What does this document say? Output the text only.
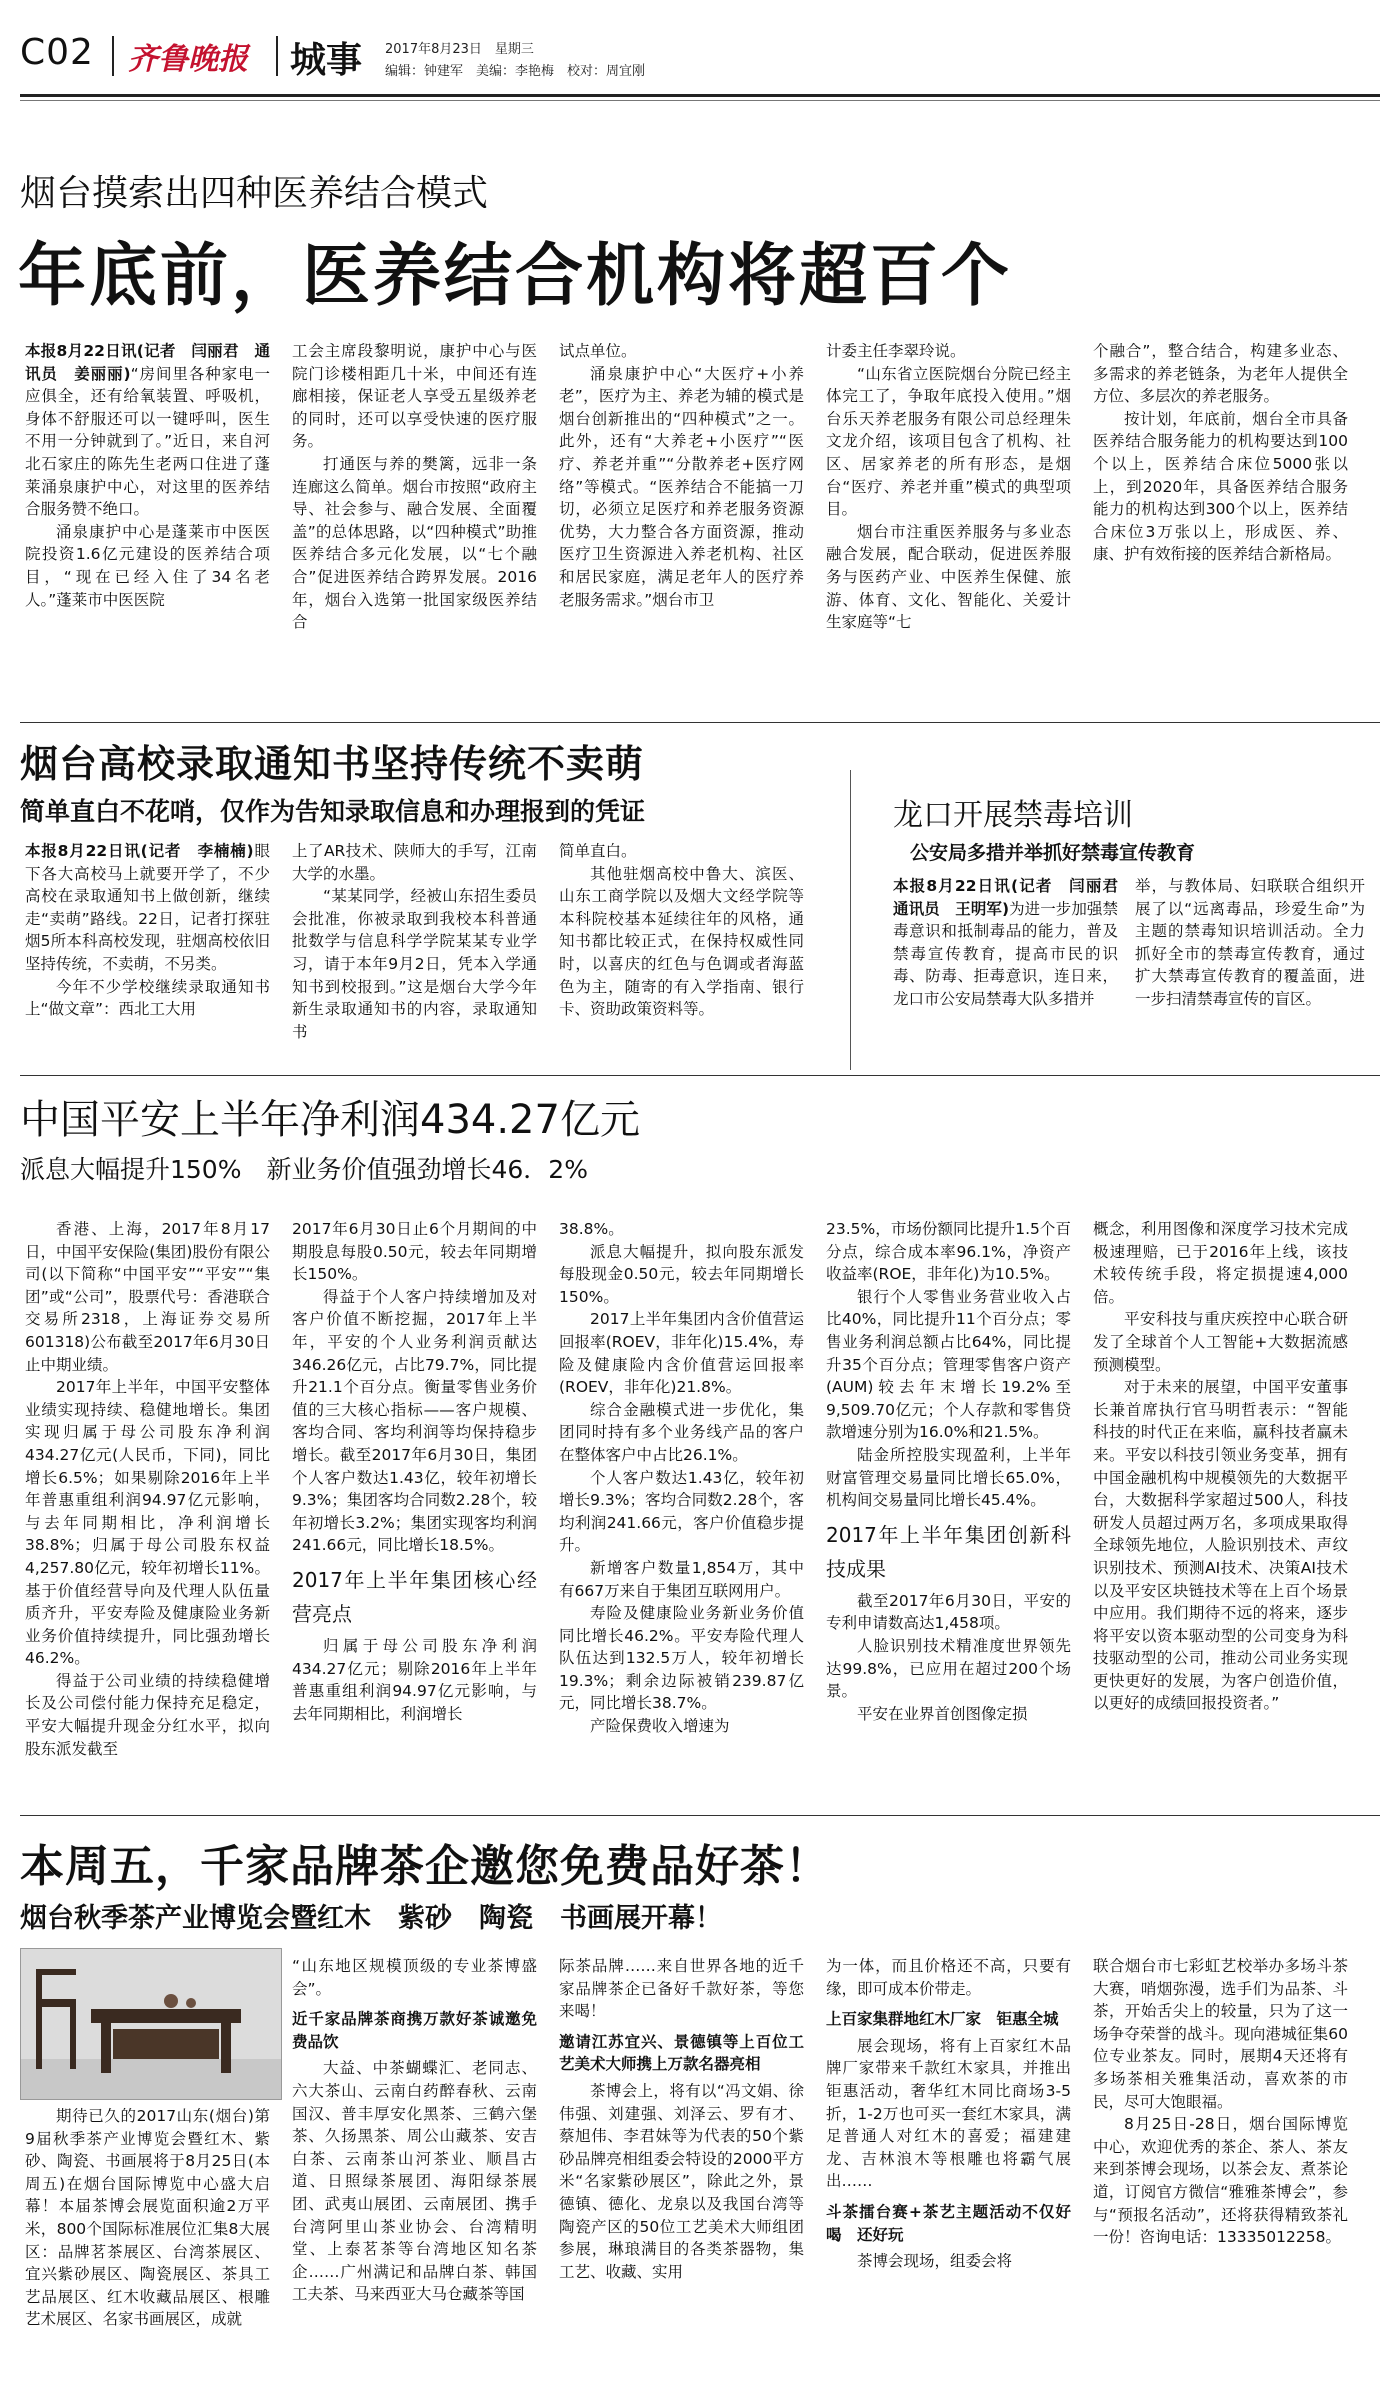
C02 齐鲁晚报 城事 2017年8月23日　星期三
编辑：钟建军　美编：李艳梅　校对：周宜刚
烟台摸索出四种医养结合模式
年底前，医养结合机构将超百个

本报8月22日讯(记者　闫丽君　通讯员　姜丽丽)“房间里各种家电一应俱全，还有给氧装置、呼吸机，身体不舒服还可以一键呼叫，医生不用一分钟就到了。”近日，来自河北石家庄的陈先生老两口住进了蓬莱涌泉康护中心，对这里的医养结合服务赞不绝口。

涌泉康护中心是蓬莱市中医医院投资1.6亿元建设的医养结合项目，“现在已经入住了34名老人。”蓬莱市中医医院

工会主席段黎明说，康护中心与医院门诊楼相距几十米，中间还有连廊相接，保证老人享受五星级养老的同时，还可以享受快速的医疗服务。

打通医与养的樊篱，远非一条连廊这么简单。烟台市按照“政府主导、社会参与、融合发展、全面覆盖”的总体思路，以“四种模式”助推医养结合多元化发展，以“七个融合”促进医养结合跨界发展。2016年，烟台入选第一批国家级医养结合

试点单位。

涌泉康护中心“大医疗+小养老”，医疗为主、养老为辅的模式是烟台创新推出的“四种模式”之一。此外，还有“大养老+小医疗”“医疗、养老并重”“分散养老+医疗网络”等模式。“医养结合不能搞一刀切，必须立足医疗和养老服务资源优势，大力整合各方面资源，推动医疗卫生资源进入养老机构、社区和居民家庭，满足老年人的医疗养老服务需求。”烟台市卫

计委主任李翠玲说。

“山东省立医院烟台分院已经主体完工了，争取年底投入使用。”烟台乐天养老服务有限公司总经理朱文龙介绍，该项目包含了机构、社区、居家养老的所有形态，是烟台“医疗、养老并重”模式的典型项目。

烟台市注重医养服务与多业态融合发展，配合联动，促进医养服务与医药产业、中医养生保健、旅游、体育、文化、智能化、关爱计生家庭等“七

个融合”，整合结合，构建多业态、多需求的养老链条，为老年人提供全方位、多层次的养老服务。

按计划，年底前，烟台全市具备医养结合服务能力的机构要达到100个以上，医养结合床位5000张以上，到2020年，具备医养结合服务能力的机构达到300个以上，医养结合床位3万张以上，形成医、养、康、护有效衔接的医养结合新格局。

烟台高校录取通知书坚持传统不卖萌
简单直白不花哨，仅作为告知录取信息和办理报到的凭证

本报8月22日讯(记者　李楠楠)眼下各大高校马上就要开学了，不少高校在录取通知书上做创新，继续走“卖萌”路线。22日，记者打探驻烟5所本科高校发现，驻烟高校依旧坚持传统，不卖萌，不另类。

今年不少学校继续录取通知书上“做文章”：西北工大用

上了AR技术、陕师大的手写，江南大学的水墨。

“某某同学，经被山东招生委员会批准，你被录取到我校本科普通批数学与信息科学学院某某专业学习，请于本年9月2日，凭本入学通知书到校报到。”这是烟台大学今年新生录取通知书的内容，录取通知书

简单直白。

其他驻烟高校中鲁大、滨医、山东工商学院以及烟大文经学院等本科院校基本延续往年的风格，通知书都比较正式，在保持权威性同时，以喜庆的红色与色调或者海蓝色为主，随寄的有入学指南、银行卡、资助政策资料等。

龙口开展禁毒培训
公安局多措并举抓好禁毒宣传教育

本报8月22日讯(记者　闫丽君　通讯员　王明军)为进一步加强禁毒意识和抵制毒品的能力，普及禁毒宣传教育，提高市民的识毒、防毒、拒毒意识，连日来，龙口市公安局禁毒大队多措并

举，与教体局、妇联联合组织开展了以“远离毒品，珍爱生命”为主题的禁毒知识培训活动。全力抓好全市的禁毒宣传教育，通过扩大禁毒宣传教育的覆盖面，进一步扫清禁毒宣传的盲区。

中国平安上半年净利润434.27亿元
派息大幅提升150%　新业务价值强劲增长46．2%

香港、上海，2017年8月17日，中国平安保险(集团)股份有限公司(以下简称“中国平安”“平安”“集团”或“公司”，股票代号：香港联合交易所2318，上海证券交易所601318)公布截至2017年6月30日止中期业绩。

2017年上半年，中国平安整体业绩实现持续、稳健地增长。集团实现归属于母公司股东净利润434.27亿元(人民币，下同)，同比增长6.5%；如果剔除2016年上半年普惠重组利润94.97亿元影响，与去年同期相比，净利润增长38.8%；归属于母公司股东权益4,257.80亿元，较年初增长11%。基于价值经营导向及代理人队伍量质齐升，平安寿险及健康险业务新业务价值持续提升，同比强劲增长46.2%。

得益于公司业绩的持续稳健增长及公司偿付能力保持充足稳定，平安大幅提升现金分红水平，拟向股东派发截至

2017年6月30日止6个月期间的中期股息每股0.50元，较去年同期增长150%。

得益于个人客户持续增加及对客户价值不断挖掘，2017年上半年，平安的个人业务利润贡献达346.26亿元，占比79.7%，同比提升21.1个百分点。衡量零售业务价值的三大核心指标——客户规模、客均合同、客均利润等均保持稳步增长。截至2017年6月30日，集团个人客户数达1.43亿，较年初增长9.3%；集团客均合同数2.28个，较年初增长3.2%；集团实现客均利润241.66元，同比增长18.5%。

2017年上半年集团核心经营亮点

归属于母公司股东净利润434.27亿元；剔除2016年上半年普惠重组利润94.97亿元影响，与去年同期相比，利润增长

38.8%。

派息大幅提升，拟向股东派发每股现金0.50元，较去年同期增长150%。

2017上半年集团内含价值营运回报率(ROEV，非年化)15.4%，寿险及健康险内含价值营运回报率(ROEV，非年化)21.8%。

综合金融模式进一步优化，集团同时持有多个业务线产品的客户在整体客户中占比26.1%。

个人客户数达1.43亿，较年初增长9.3%；客均合同数2.28个，客均利润241.66元，客户价值稳步提升。

新增客户数量1,854万，其中有667万来自于集团互联网用户。

寿险及健康险业务新业务价值同比增长46.2%。平安寿险代理人队伍达到132.5万人，较年初增长19.3%；剩余边际被销239.87亿元，同比增长38.7%。

产险保费收入增速为

23.5%，市场份额同比提升1.5个百分点，综合成本率96.1%，净资产收益率(ROE，非年化)为10.5%。

银行个人零售业务营业收入占比40%，同比提升11个百分点；零售业务利润总额占比64%，同比提升35个百分点；管理零售客户资产(AUM)较去年末增长19.2%至9,509.70亿元；个人存款和零售贷款增速分别为16.0%和21.5%。

陆金所控股实现盈利，上半年财富管理交易量同比增长65.0%，机构间交易量同比增长45.4%。

2017年上半年集团创新科技成果

截至2017年6月30日，平安的专利申请数高达1,458项。

人脸识别技术精准度世界领先达99.8%，已应用在超过200个场景。

平安在业界首创图像定损

概念，利用图像和深度学习技术完成极速理赔，已于2016年上线，该技术较传统手段，将定损提速4,000倍。

平安科技与重庆疾控中心联合研发了全球首个人工智能+大数据流感预测模型。

对于未来的展望，中国平安董事长兼首席执行官马明哲表示：“智能科技的时代正在来临，赢科技者赢未来。平安以科技引领业务变革，拥有中国金融机构中规模领先的大数据平台，大数据科学家超过500人，科技研发人员超过两万名，多项成果取得全球领先地位，人脸识别技术、声纹识别技术、预测AI技术、决策AI技术以及平安区块链技术等在上百个场景中应用。我们期待不远的将来，逐步将平安以资本驱动型的公司变身为科技驱动型的公司，推动公司业务实现更快更好的发展，为客户创造价值，以更好的成绩回报投资者。”

本周五，千家品牌茶企邀您免费品好茶！
烟台秋季茶产业博览会暨红木　紫砂　陶瓷　书画展开幕！

期待已久的2017山东(烟台)第9届秋季茶产业博览会暨红木、紫砂、陶瓷、书画展将于8月25日(本周五)在烟台国际博览中心盛大启幕！本届茶博会展览面积逾2万平米，800个国际标准展位汇集8大展区：品牌茗茶展区、台湾茶展区、宜兴紫砂展区、陶瓷展区、茶具工艺品展区、红木收藏品展区、根雕艺术展区、名家书画展区，成就

“山东地区规模顶级的专业茶博盛会”。

近千家品牌茶商携万款好茶诚邀免费品饮

大益、中茶蝴蝶汇、老同志、六大茶山、云南白药醉春秋、云南国汉、普丰厚安化黑茶、三鹤六堡茶、久扬黑茶、周公山藏茶、安吉白茶、云南茶山河茶业、顺昌古道、日照绿茶展团、海阳绿茶展团、武夷山展团、云南展团、携手台湾阿里山茶业协会、台湾精明堂、上泰茗茶等台湾地区知名茶企……广州满记和品牌白茶、韩国工夫茶、马来西亚大马仓藏茶等国

际茶品牌……来自世界各地的近千家品牌茶企已备好千款好茶，等您来喝！

邀请江苏宜兴、景德镇等上百位工艺美术大师携上万款名器亮相

茶博会上，将有以“冯文娟、徐伟强、刘建强、刘泽云、罗有才、蔡旭伟、李君妹等为代表的50个紫砂品牌亮相组委会特设的2000平方米“名家紫砂展区”，除此之外，景德镇、德化、龙泉以及我国台湾等陶瓷产区的50位工艺美术大师组团参展，琳琅满目的各类茶器物，集工艺、收藏、实用

为一体，而且价格还不高，只要有缘，即可成本价带走。

上百家集群地红木厂家　钜惠全城

展会现场，将有上百家红木品牌厂家带来千款红木家具，并推出钜惠活动，奢华红木同比商场3-5折，1-2万也可买一套红木家具，满足普通人对红木的喜爱；福建建龙、吉林浪木等根雕也将霸气展出……

斗茶擂台赛+茶艺主题活动不仅好喝　还好玩

茶博会现场，组委会将

联合烟台市七彩虹艺校举办多场斗茶大赛，哨烟弥漫，选手们为品茶、斗茶，开始舌尖上的较量，只为了这一场争夺荣誉的战斗。现向港城征集60位专业茶友。同时，展期4天还将有多场茶相关雅集活动，喜欢茶的市民，尽可大饱眼福。

8月25日-28日，烟台国际博览中心，欢迎优秀的茶企、茶人、茶友来到茶博会现场，以茶会友、煮茶论道，订阅官方微信“雅雅茶博会”，参与“预报名活动”，还将获得精致茶礼一份！咨询电话：13335012258。
